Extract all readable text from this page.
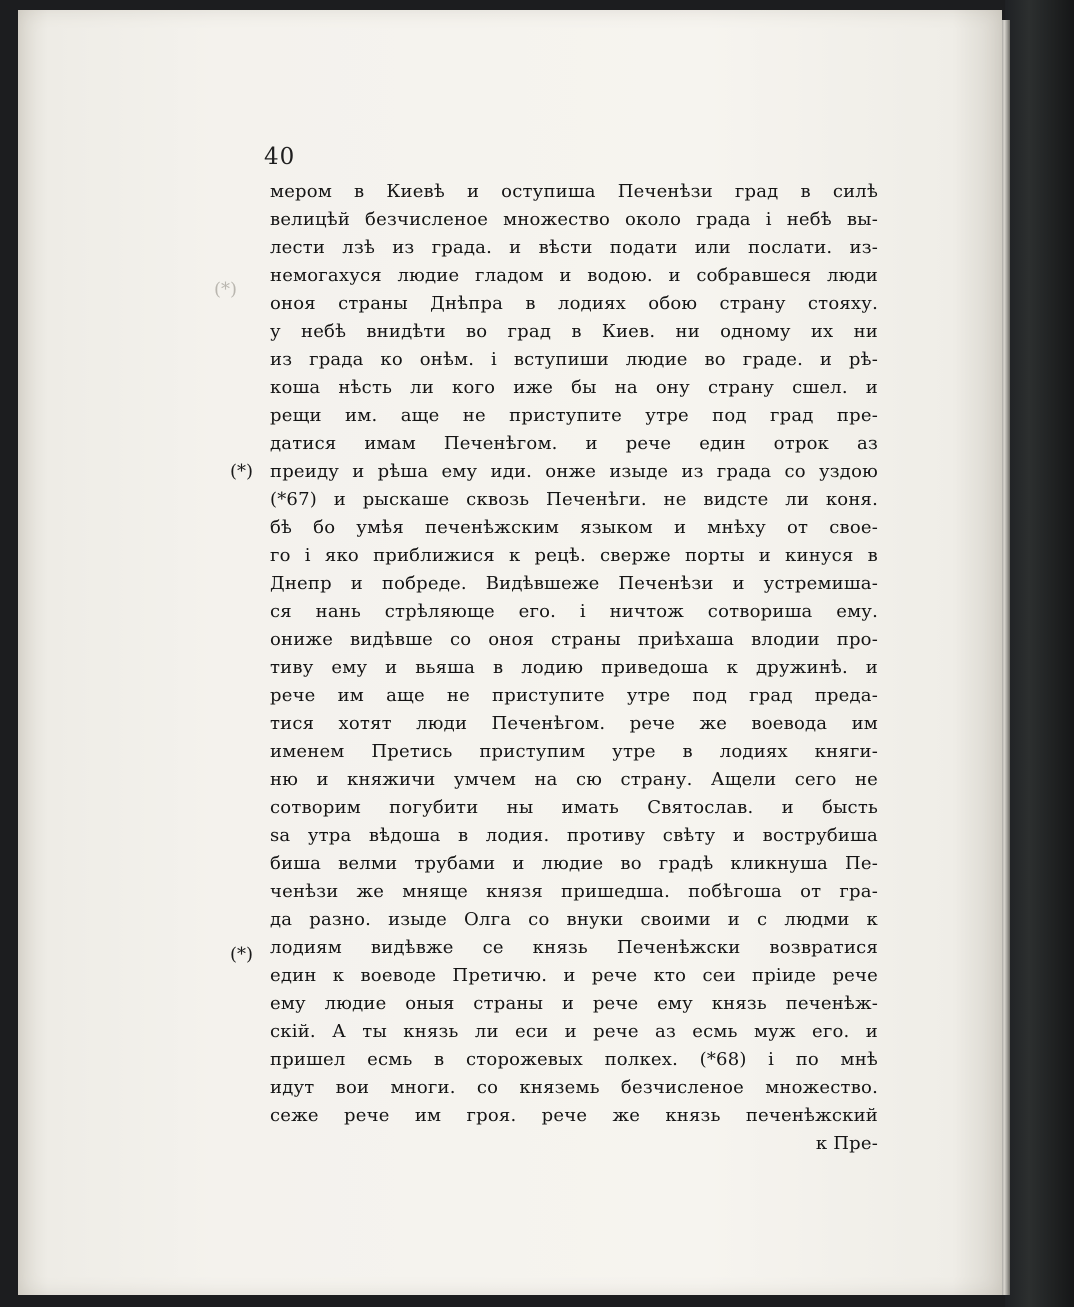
40
(*)
(*)
(*)
мером в Киевѣ и оступиша Печенѣзи град в силѣ
велицѣй безчисленое множество около града і небѣ вы-
лести лзѣ из града. и вѣсти подати или послати. из-
немогахуся людие гладом и водою. и собравшеся люди
оноя страны Днѣпра в лодиях обою страну стояху.
у небѣ внидѣти во град в Киев. ни одному их ни
из града ко онѣм. і вступиши людие во граде. и рѣ-
коша нѣсть ли кого иже бы на ону страну сшел. и
рещи им. аще не приступите утре под град пре-
датися имам Печенѣгом. и рече един отрок аз
преиду и рѣша ему иди. онже изыде из града со уздою
(*67) и рыскаше сквозь Печенѣги. не видсте ли коня.
бѣ бо умѣя печенѣжским языком и мнѣху от свое-
го і яко приближися к рецѣ. сверже порты и кинуся в
Днепр и побреде. Видѣвшеже Печенѣзи и устремиша-
ся нань стрѣляюще его. і ничтож сотвориша ему.
ониже видѣвше со оноя страны приѣхаша влодии про-
тиву ему и вьяша в лодию приведоша к дружинѣ. и
рече им аще не приступите утре под град преда-
тися хотят люди Печенѣгом. рече же воевода им
именем Претись приступим утре в лодиях княги-
ню и княжичи умчем на сю страну. Ащели сего не
сотворим погубити ны имать Святослав. и бысть
ѕа утра вѣдоша в лодия. противу свѣту и вострубиша
биша велми трубами и людие во градѣ кликнуша Пе-
ченѣзи же мняще князя пришедша. побѣгоша от гра-
да разно. изыде Олга со внуки своими и с людми к
лодиям видѣвже се князь Печенѣжски возвратися
един к воеводе Претичю. и рече кто сеи прiиде рече
ему людие оныя страны и рече ему князь печенѣж-
скiй. А ты князь ли еси и рече аз есмь муж его. и
пришел есмь в сторожевых полкех. (*68) і по мнѣ
идут вои многи. со княземь безчисленое множество.
сеже рече им гроя. рече же князь печенѣжский
к Пре-
